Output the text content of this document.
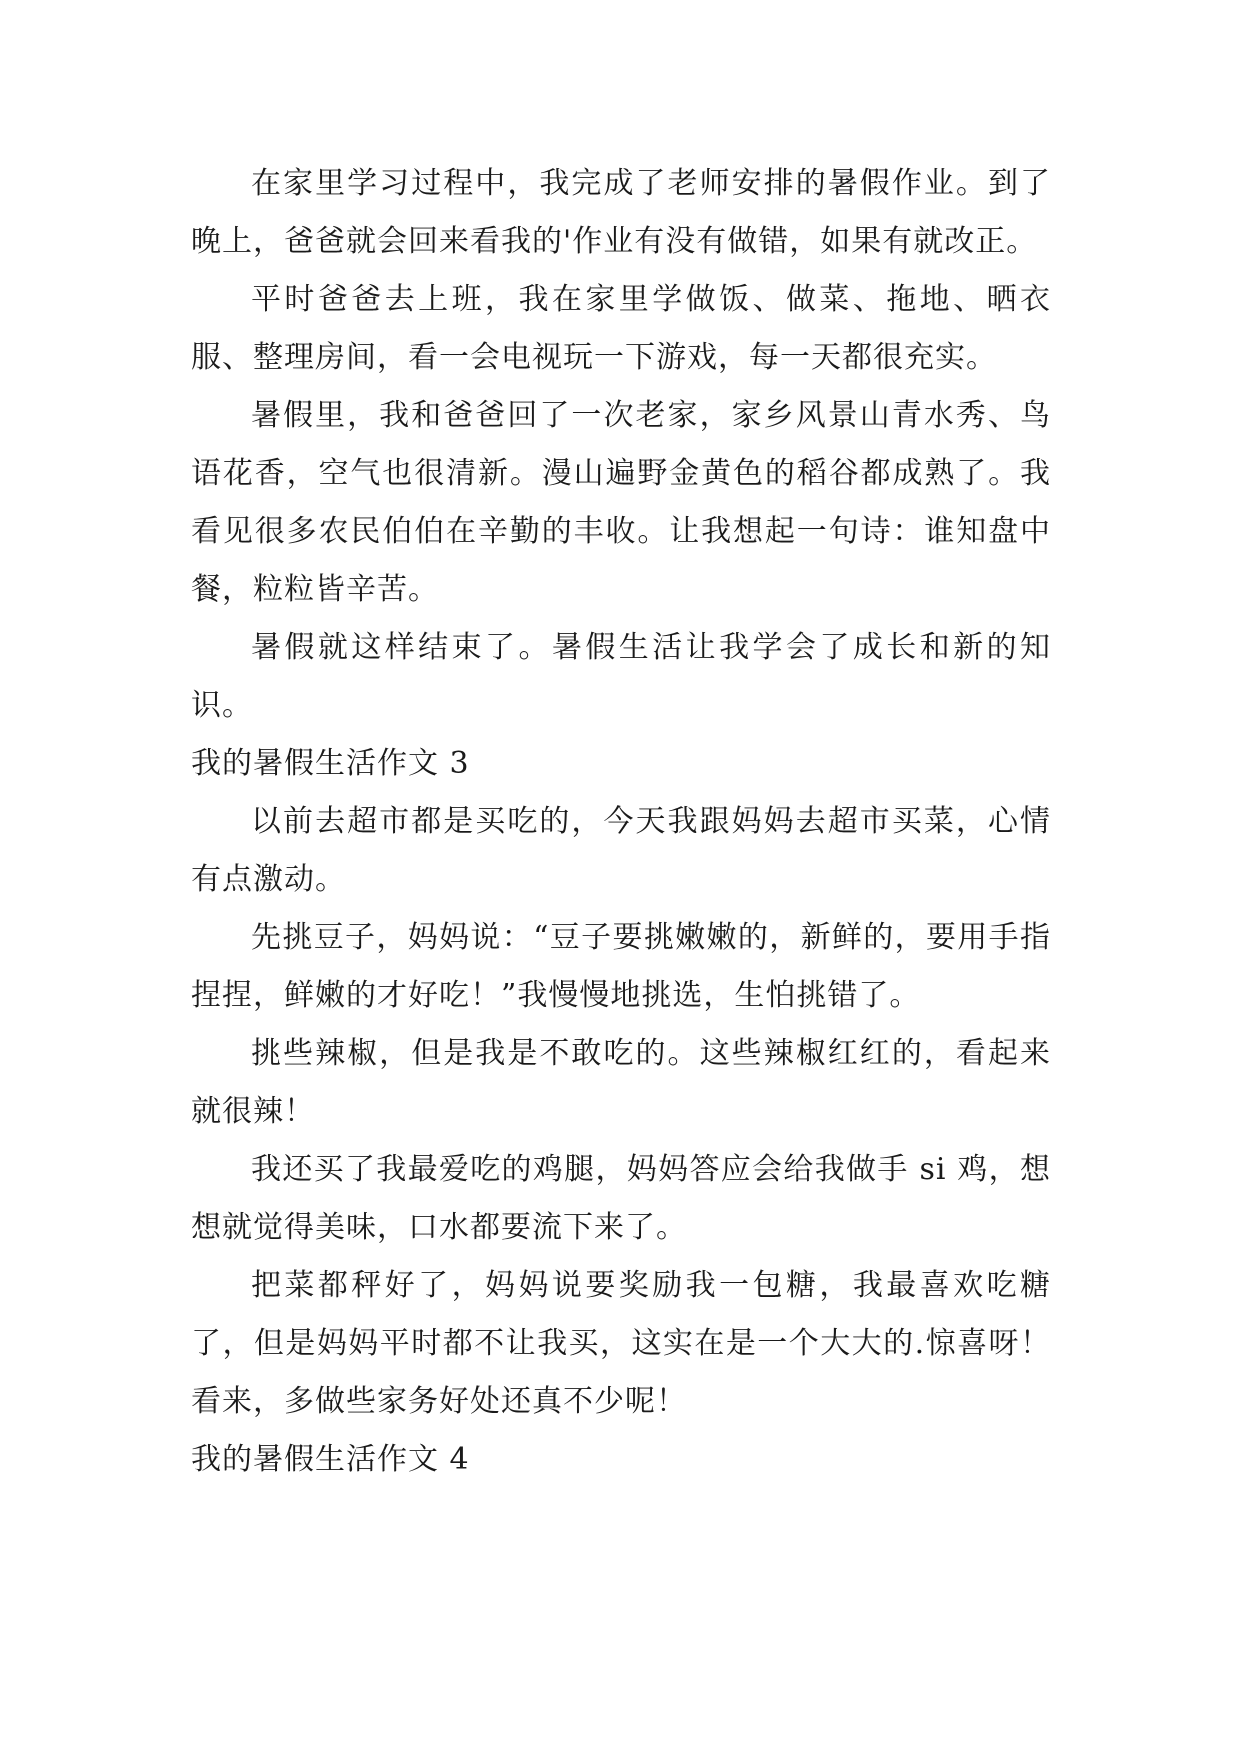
在家里学习过程中，我完成了老师安排的暑假作业。到了晚上，爸爸就会回来看我的'作业有没有做错，如果有就改正。

平时爸爸去上班，我在家里学做饭、做菜、拖地、晒衣服、整理房间，看一会电视玩一下游戏，每一天都很充实。

暑假里，我和爸爸回了一次老家，家乡风景山青水秀、鸟语花香，空气也很清新。漫山遍野金黄色的稻谷都成熟了。我看见很多农民伯伯在辛勤的丰收。让我想起一句诗：谁知盘中餐，粒粒皆辛苦。

暑假就这样结束了。暑假生活让我学会了成长和新的知识。

我的暑假生活作文 3

以前去超市都是买吃的，今天我跟妈妈去超市买菜，心情有点激动。

先挑豆子，妈妈说：“豆子要挑嫩嫩的，新鲜的，要用手指捏捏，鲜嫩的才好吃！”我慢慢地挑选，生怕挑错了。

挑些辣椒，但是我是不敢吃的。这些辣椒红红的，看起来就很辣！

我还买了我最爱吃的鸡腿，妈妈答应会给我做手 si 鸡，想想就觉得美味，口水都要流下来了。

把菜都秤好了，妈妈说要奖励我一包糖，我最喜欢吃糖了，但是妈妈平时都不让我买，这实在是一个大大的.惊喜呀！看来，多做些家务好处还真不少呢！

我的暑假生活作文 4
